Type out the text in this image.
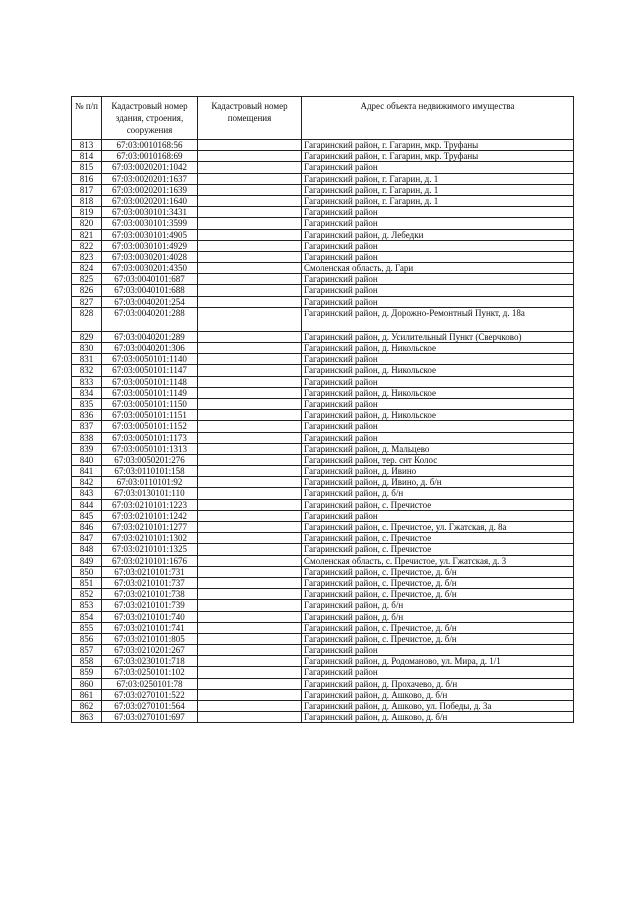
№ п/п	Кадастровый номер здания, строения, сооружения	Кадастровый номер помещения	Адрес объекта недвижимого имущества
813	67:03:0010168:56		Гагаринский район, г. Гагарин, мкр. Труфаны
814	67:03:0010168:69		Гагаринский район, г. Гагарин, мкр. Труфаны
815	67:03:0020201:1042		Гагаринский район
816	67:03:0020201:1637		Гагаринский район, г. Гагарин, д. 1
817	67:03:0020201:1639		Гагаринский район, г. Гагарин, д. 1
818	67:03:0020201:1640		Гагаринский район, г. Гагарин, д. 1
819	67:03:0030101:3431		Гагаринский район
820	67:03:0030101:3599		Гагаринский район
821	67:03:0030101:4905		Гагаринский район, д. Лебедки
822	67:03:0030101:4929		Гагаринский район
823	67:03:0030201:4028		Гагаринский район
824	67:03:0030201:4350		Смоленская область, д. Гари
825	67:03:0040101:687		Гагаринский район
826	67:03:0040101:688		Гагаринский район
827	67:03:0040201:254		Гагаринский район
828	67:03:0040201:288		Гагаринский район, д. Дорожно-Ремонтный Пункт, д. 18а
829	67:03:0040201:289		Гагаринский район, д. Усилительный Пункт (Сверчково)
830	67:03:0040201:306		Гагаринский район, д. Никольское
831	67:03:0050101:1140		Гагаринский район
832	67:03:0050101:1147		Гагаринский район, д. Никольское
833	67:03:0050101:1148		Гагаринский район
834	67:03:0050101:1149		Гагаринский район, д. Никольское
835	67:03:0050101:1150		Гагаринский район
836	67:03:0050101:1151		Гагаринский район, д. Никольское
837	67:03:0050101:1152		Гагаринский район
838	67:03:0050101:1173		Гагаринский район
839	67:03:0050101:1313		Гагаринский район, д. Мальцево
840	67:03:0050201:276		Гагаринский район, тер. снт Колос
841	67:03:0110101:158		Гагаринский район, д. Ивино
842	67:03:0110101:92		Гагаринский район, д. Ивино, д. б/н
843	67:03:0130101:110		Гагаринский район, д. б/н
844	67:03:0210101:1223		Гагаринский район, с. Пречистое
845	67:03:0210101:1242		Гагаринский район
846	67:03:0210101:1277		Гагаринский район, с. Пречистое, ул. Гжатская, д. 8а
847	67:03:0210101:1302		Гагаринский район, с. Пречистое
848	67:03:0210101:1325		Гагаринский район, с. Пречистое
849	67:03:0210101:1676		Смоленская область, с. Пречистое, ул. Гжатская, д. 3
850	67:03:0210101:731		Гагаринский район, с. Пречистое, д. б/н
851	67:03:0210101:737		Гагаринский район, с. Пречистое, д. б/н
852	67:03:0210101:738		Гагаринский район, с. Пречистое, д. б/н
853	67:03:0210101:739		Гагаринский район, д. б/н
854	67:03:0210101:740		Гагаринский район, д. б/н
855	67:03:0210101:741		Гагаринский район, с. Пречистое, д. б/н
856	67:03:0210101:805		Гагаринский район, с. Пречистое, д. б/н
857	67:03:0210201:267		Гагаринский район
858	67:03:0230101:718		Гагаринский район, д. Родоманово, ул. Мира, д. 1/1
859	67:03:0250101:102		Гагаринский район
860	67:03:0250101:78		Гагаринский район, д. Прохачево, д. б/н
861	67:03:0270101:522		Гагаринский район, д. Ашково, д. б/н
862	67:03:0270101:564		Гагаринский район, д. Ашково, ул. Победы, д. 3а
863	67:03:0270101:697		Гагаринский район, д. Ашково, д. б/н
